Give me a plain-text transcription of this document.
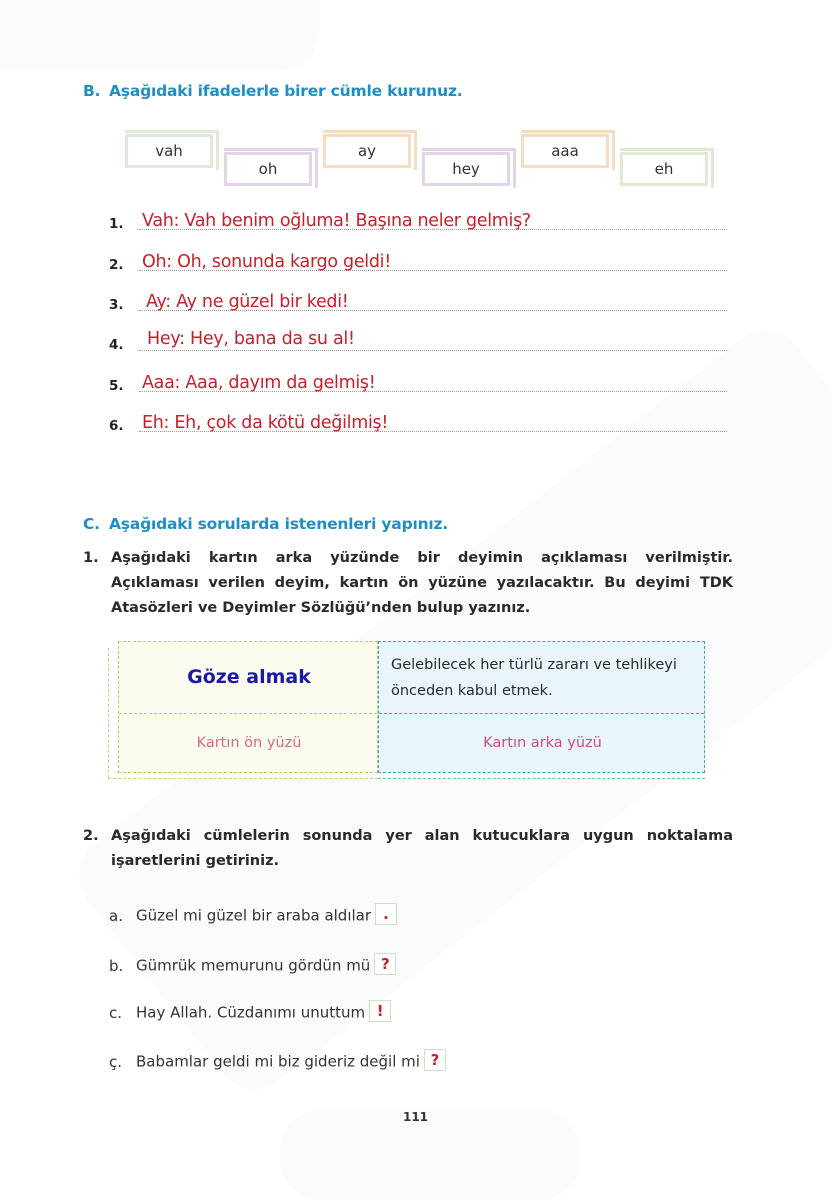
B. Aşağıdaki ifadelerle birer cümle kurunuz.
vah
oh
ay
hey
aaa
eh
1. Vah: Vah benim oğluma! Başına neler gelmiş?
2. Oh: Oh, sonunda kargo geldi!
3. Ay: Ay ne güzel bir kedi!
4. Hey: Hey, bana da su al!
5. Aaa: Aaa, dayım da gelmiş!
6. Eh: Eh, çok da kötü değilmiş!
C. Aşağıdaki sorularda istenenleri yapınız.
1. Aşağıdaki kartın arka yüzünde bir deyimin açıklaması verilmiştir. Açıklaması verilen deyim, kartın ön yüzüne yazılacaktır. Bu deyimi TDK Atasözleri ve Deyimler Sözlüğü’nden bulup yazınız.
Göze almak
Kartın ön yüzü
Gelebilecek her türlü zararı ve tehlikeyi önceden kabul etmek.
Kartın arka yüzü
2. Aşağıdaki cümlelerin sonunda yer alan kutucuklara uygun noktalama işaretlerini getiriniz.
a. Güzel mi güzel bir araba aldılar .
b. Gümrük memurunu gördün mü ?
c. Hay Allah. Cüzdanımı unuttum !
ç. Babamlar geldi mi biz gideriz değil mi ?
111
